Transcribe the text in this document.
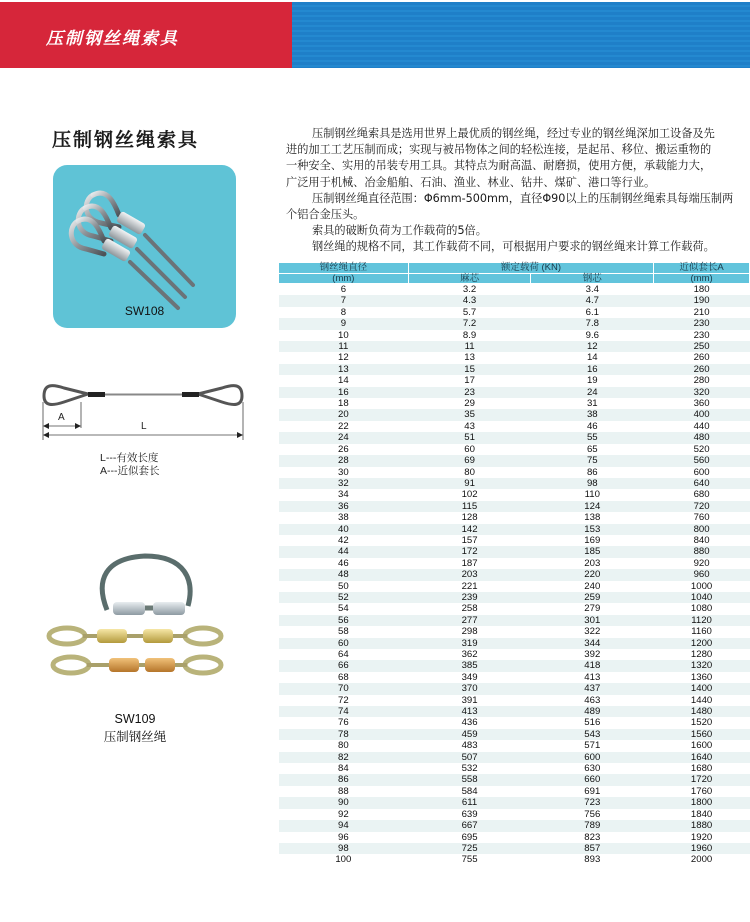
压制钢丝绳索具
压制钢丝绳索具
SW108
A
L
L---有效长度
A---近似套长
SW109
压制钢丝绳

压制钢丝绳索具是选用世界上最优质的钢丝绳，经过专业的钢丝绳深加工设备及先

进的加工工艺压制而成；实现与被吊物体之间的轻松连接，是起吊、移位、搬运重物的

一种安全、实用的吊装专用工具。其特点为耐高温、耐磨损，使用方便，承载能力大，

广泛用于机械、冶金船舶、石油、渔业、林业、钻井、煤矿、港口等行业。

压制钢丝绳直径范围：Φ6mm-500mm，直径Φ90以上的压制钢丝绳索具每端压制两

个铝合金压头。

索具的破断负荷为工作载荷的5倍。

钢丝绳的规格不同，其工作载荷不同，可根据用户要求的钢丝绳来计算工作载荷。

钢丝绳直径	额定载荷 (KN)		近似套长A
(mm)	麻芯	钢芯	(mm)
6	3.2	3.4	180
7	4.3	4.7	190
8	5.7	6.1	210
9	7.2	7.8	230
10	8.9	9.6	230
11	11	12	250
12	13	14	260
13	15	16	260
14	17	19	280
16	23	24	320
18	29	31	360
20	35	38	400
22	43	46	440
24	51	55	480
26	60	65	520
28	69	75	560
30	80	86	600
32	91	98	640
34	102	110	680
36	115	124	720
38	128	138	760
40	142	153	800
42	157	169	840
44	172	185	880
46	187	203	920
48	203	220	960
50	221	240	1000
52	239	259	1040
54	258	279	1080
56	277	301	1120
58	298	322	1160
60	319	344	1200
64	362	392	1280
66	385	418	1320
68	349	413	1360
70	370	437	1400
72	391	463	1440
74	413	489	1480
76	436	516	1520
78	459	543	1560
80	483	571	1600
82	507	600	1640
84	532	630	1680
86	558	660	1720
88	584	691	1760
90	611	723	1800
92	639	756	1840
94	667	789	1880
96	695	823	1920
98	725	857	1960
100	755	893	2000
